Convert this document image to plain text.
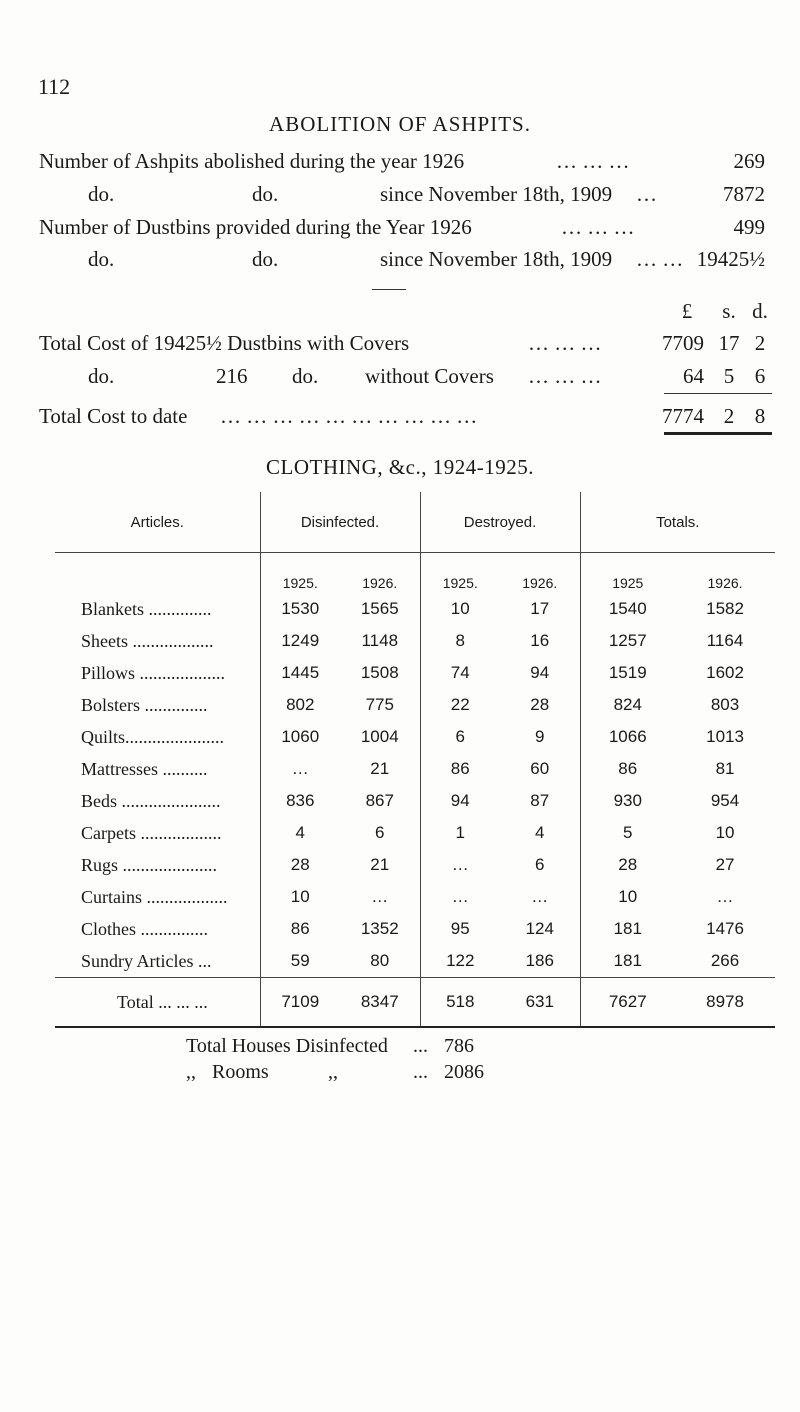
112
ABOLITION OF ASHPITS.
Number of Ashpits abolished during the year 1926	… … …	269
do.	do.	since November 18th, 1909 …	7872
Number of Dustbins provided during the Year 1926	… … …	499
do.	do.	since November 18th, 1909 … … 19425½
£	s. d.
Total Cost of 19425½ Dustbins with Covers	… … …	7709 17 2
do.	216 do. without Covers … … …	64 5 6
Total Cost to date … … … … … … … … … …	7774 2 8
CLOTHING, &c., 1924-1925.
Articles.	Disinfected.		Destroyed.		Totals.	
	1925.	1926.	1925.	1926.	1925	1926.
Blankets ..............	1530	1565	10	17	1540	1582
Sheets ..................	1249	1148	8	16	1257	1164
Pillows ...................	1445	1508	74	94	1519	1602
Bolsters ..............	802	775	22	28	824	803
Quilts......................	1060	1004	6	9	1066	1013
Mattresses ..........	…	21	86	60	86	81
Beds ......................	836	867	94	87	930	954
Carpets ..................	4	6	1	4	5	10
Rugs .....................	28	21	…	6	28	27
Curtains ..................	10	…	…	…	10	…
Clothes ...............	86	1352	95	124	181	1476
Sundry Articles ...	59	80	122	186	181	266
Total ... ... ...	7109	8347	518	631	7627	8978
Total Houses Disinfected ... 786
,, Rooms	,,	... 2086
